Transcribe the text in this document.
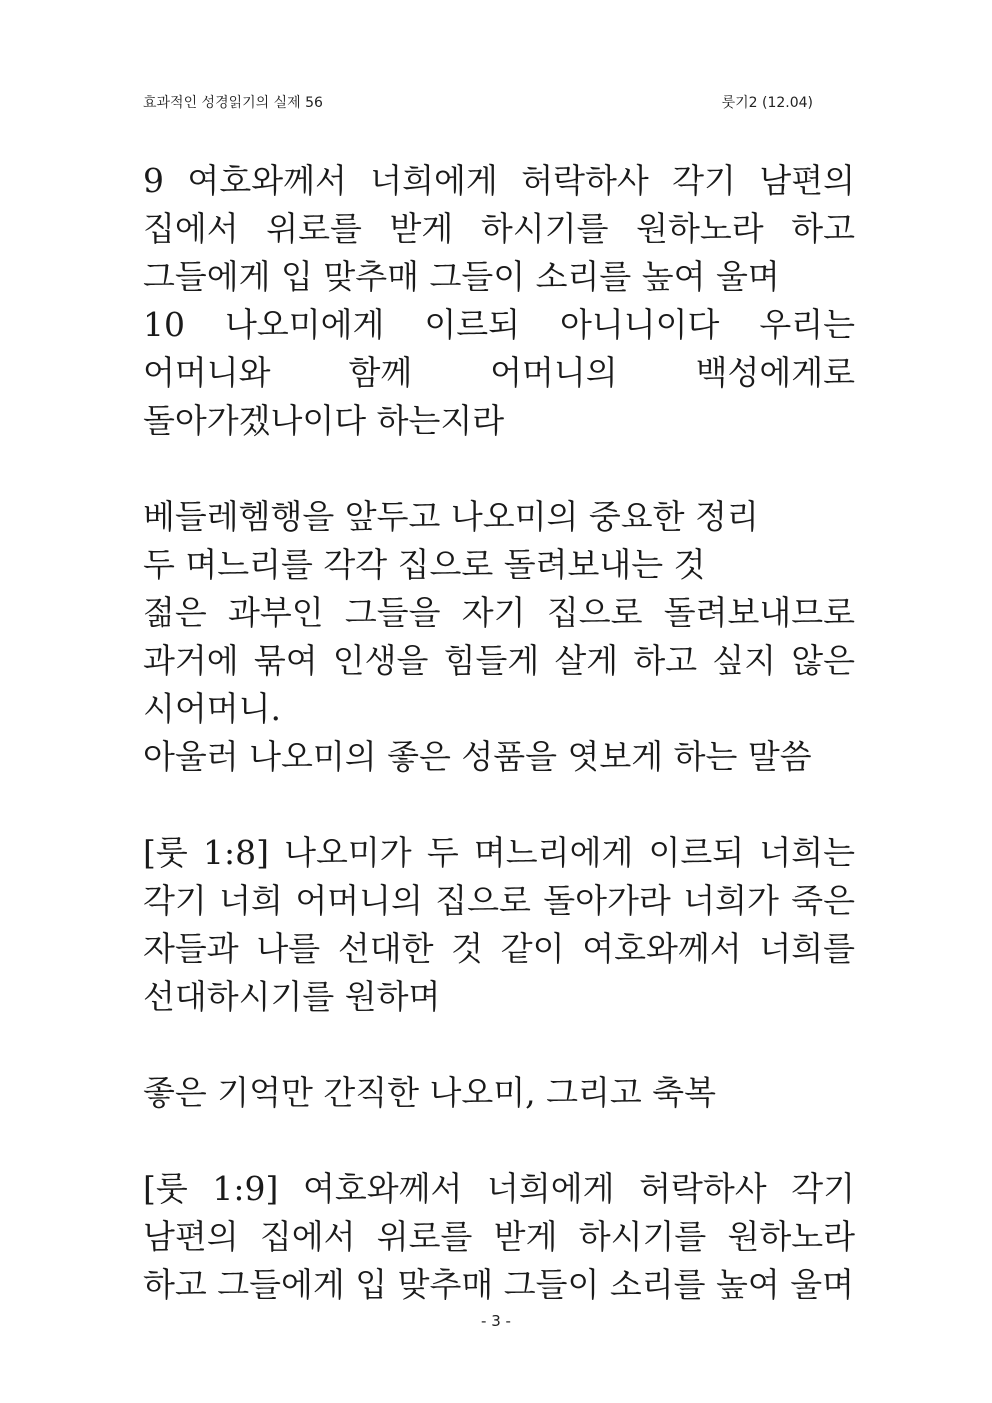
효과적인 성경읽기의 실제 56	룻기2 (12.04)

9 여호와께서 너희에게 허락하사 각기 남편의 집에서 위로를 받게 하시기를 원하노라 하고 그들에게 입 맞추매 그들이 소리를 높여 울며

10 나오미에게 이르되 아니니이다 우리는 어머니와 함께 어머니의 백성에게로 돌아가겠나이다 하는지라

베들레헴행을 앞두고 나오미의 중요한 정리

두 며느리를 각각 집으로 돌려보내는 것

젊은 과부인 그들을 자기 집으로 돌려보내므로 과거에 묶여 인생을 힘들게 살게 하고 싶지 않은 시어머니.

아울러 나오미의 좋은 성품을 엿보게 하는 말씀

[룻 1:8] 나오미가 두 며느리에게 이르되 너희는 각기 너희 어머니의 집으로 돌아가라 너희가 죽은 자들과 나를 선대한 것 같이 여호와께서 너희를 선대하시기를 원하며

좋은 기억만 간직한 나오미, 그리고 축복

[룻 1:9] 여호와께서 너희에게 허락하사 각기 남편의 집에서 위로를 받게 하시기를 원하노라 하고 그들에게 입 맞추매 그들이 소리를 높여 울며

- 3 -
